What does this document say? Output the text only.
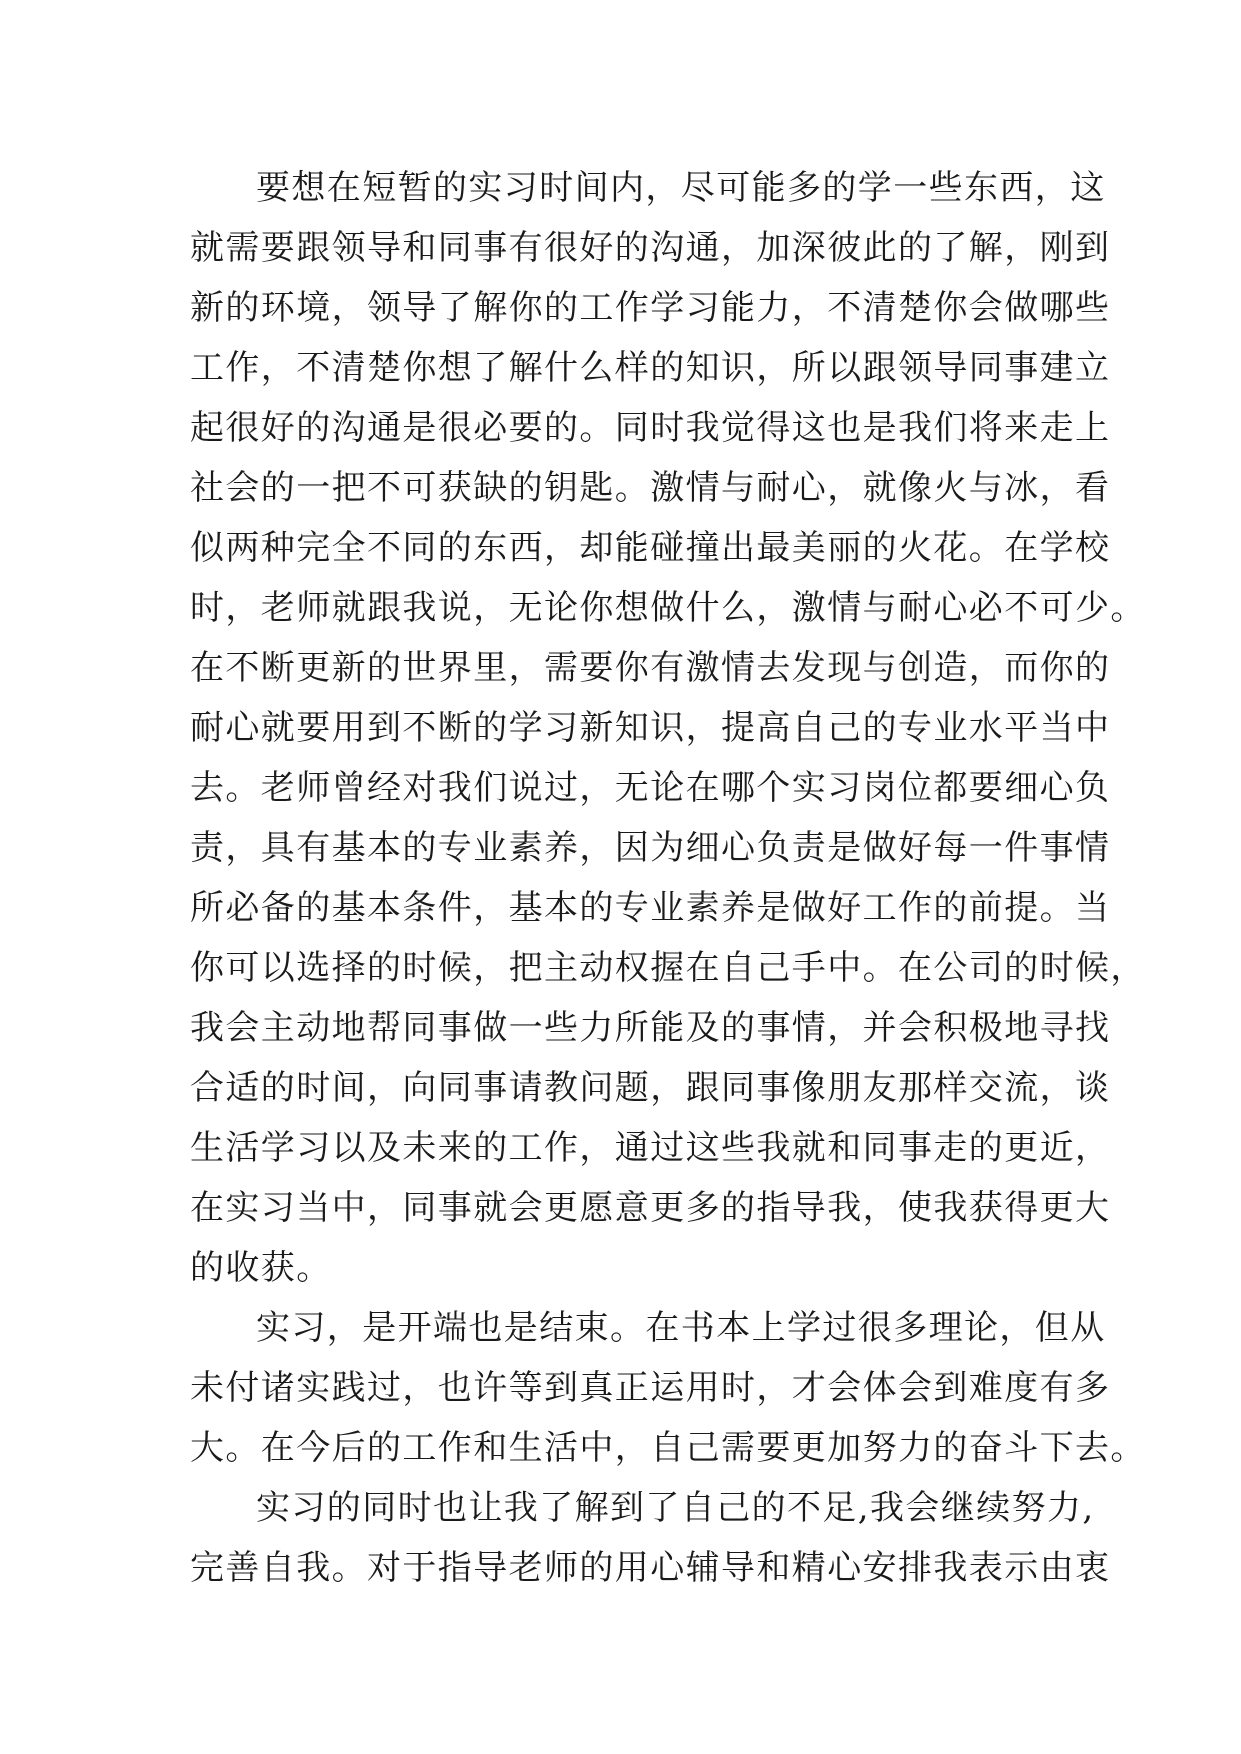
要想在短暂的实习时间内，尽可能多的学一些东西，这
就需要跟领导和同事有很好的沟通，加深彼此的了解，刚到
新的环境，领导了解你的工作学习能力，不清楚你会做哪些
工作，不清楚你想了解什么样的知识，所以跟领导同事建立
起很好的沟通是很必要的。同时我觉得这也是我们将来走上
社会的一把不可获缺的钥匙。激情与耐心，就像火与冰，看
似两种完全不同的东西，却能碰撞出最美丽的火花。在学校
时，老师就跟我说，无论你想做什么，激情与耐心必不可少。
在不断更新的世界里，需要你有激情去发现与创造，而你的
耐心就要用到不断的学习新知识，提高自己的专业水平当中
去。老师曾经对我们说过，无论在哪个实习岗位都要细心负
责，具有基本的专业素养，因为细心负责是做好每一件事情
所必备的基本条件，基本的专业素养是做好工作的前提。当
你可以选择的时候，把主动权握在自己手中。在公司的时候，
我会主动地帮同事做一些力所能及的事情，并会积极地寻找
合适的时间，向同事请教问题，跟同事像朋友那样交流，谈
生活学习以及未来的工作，通过这些我就和同事走的更近，
在实习当中，同事就会更愿意更多的指导我，使我获得更大
的收获。
实习，是开端也是结束。在书本上学过很多理论，但从
未付诸实践过，也许等到真正运用时，才会体会到难度有多
大。在今后的工作和生活中，自己需要更加努力的奋斗下去。
实习的同时也让我了解到了自己的不足,我会继续努力,
完善自我。对于指导老师的用心辅导和精心安排我表示由衷
